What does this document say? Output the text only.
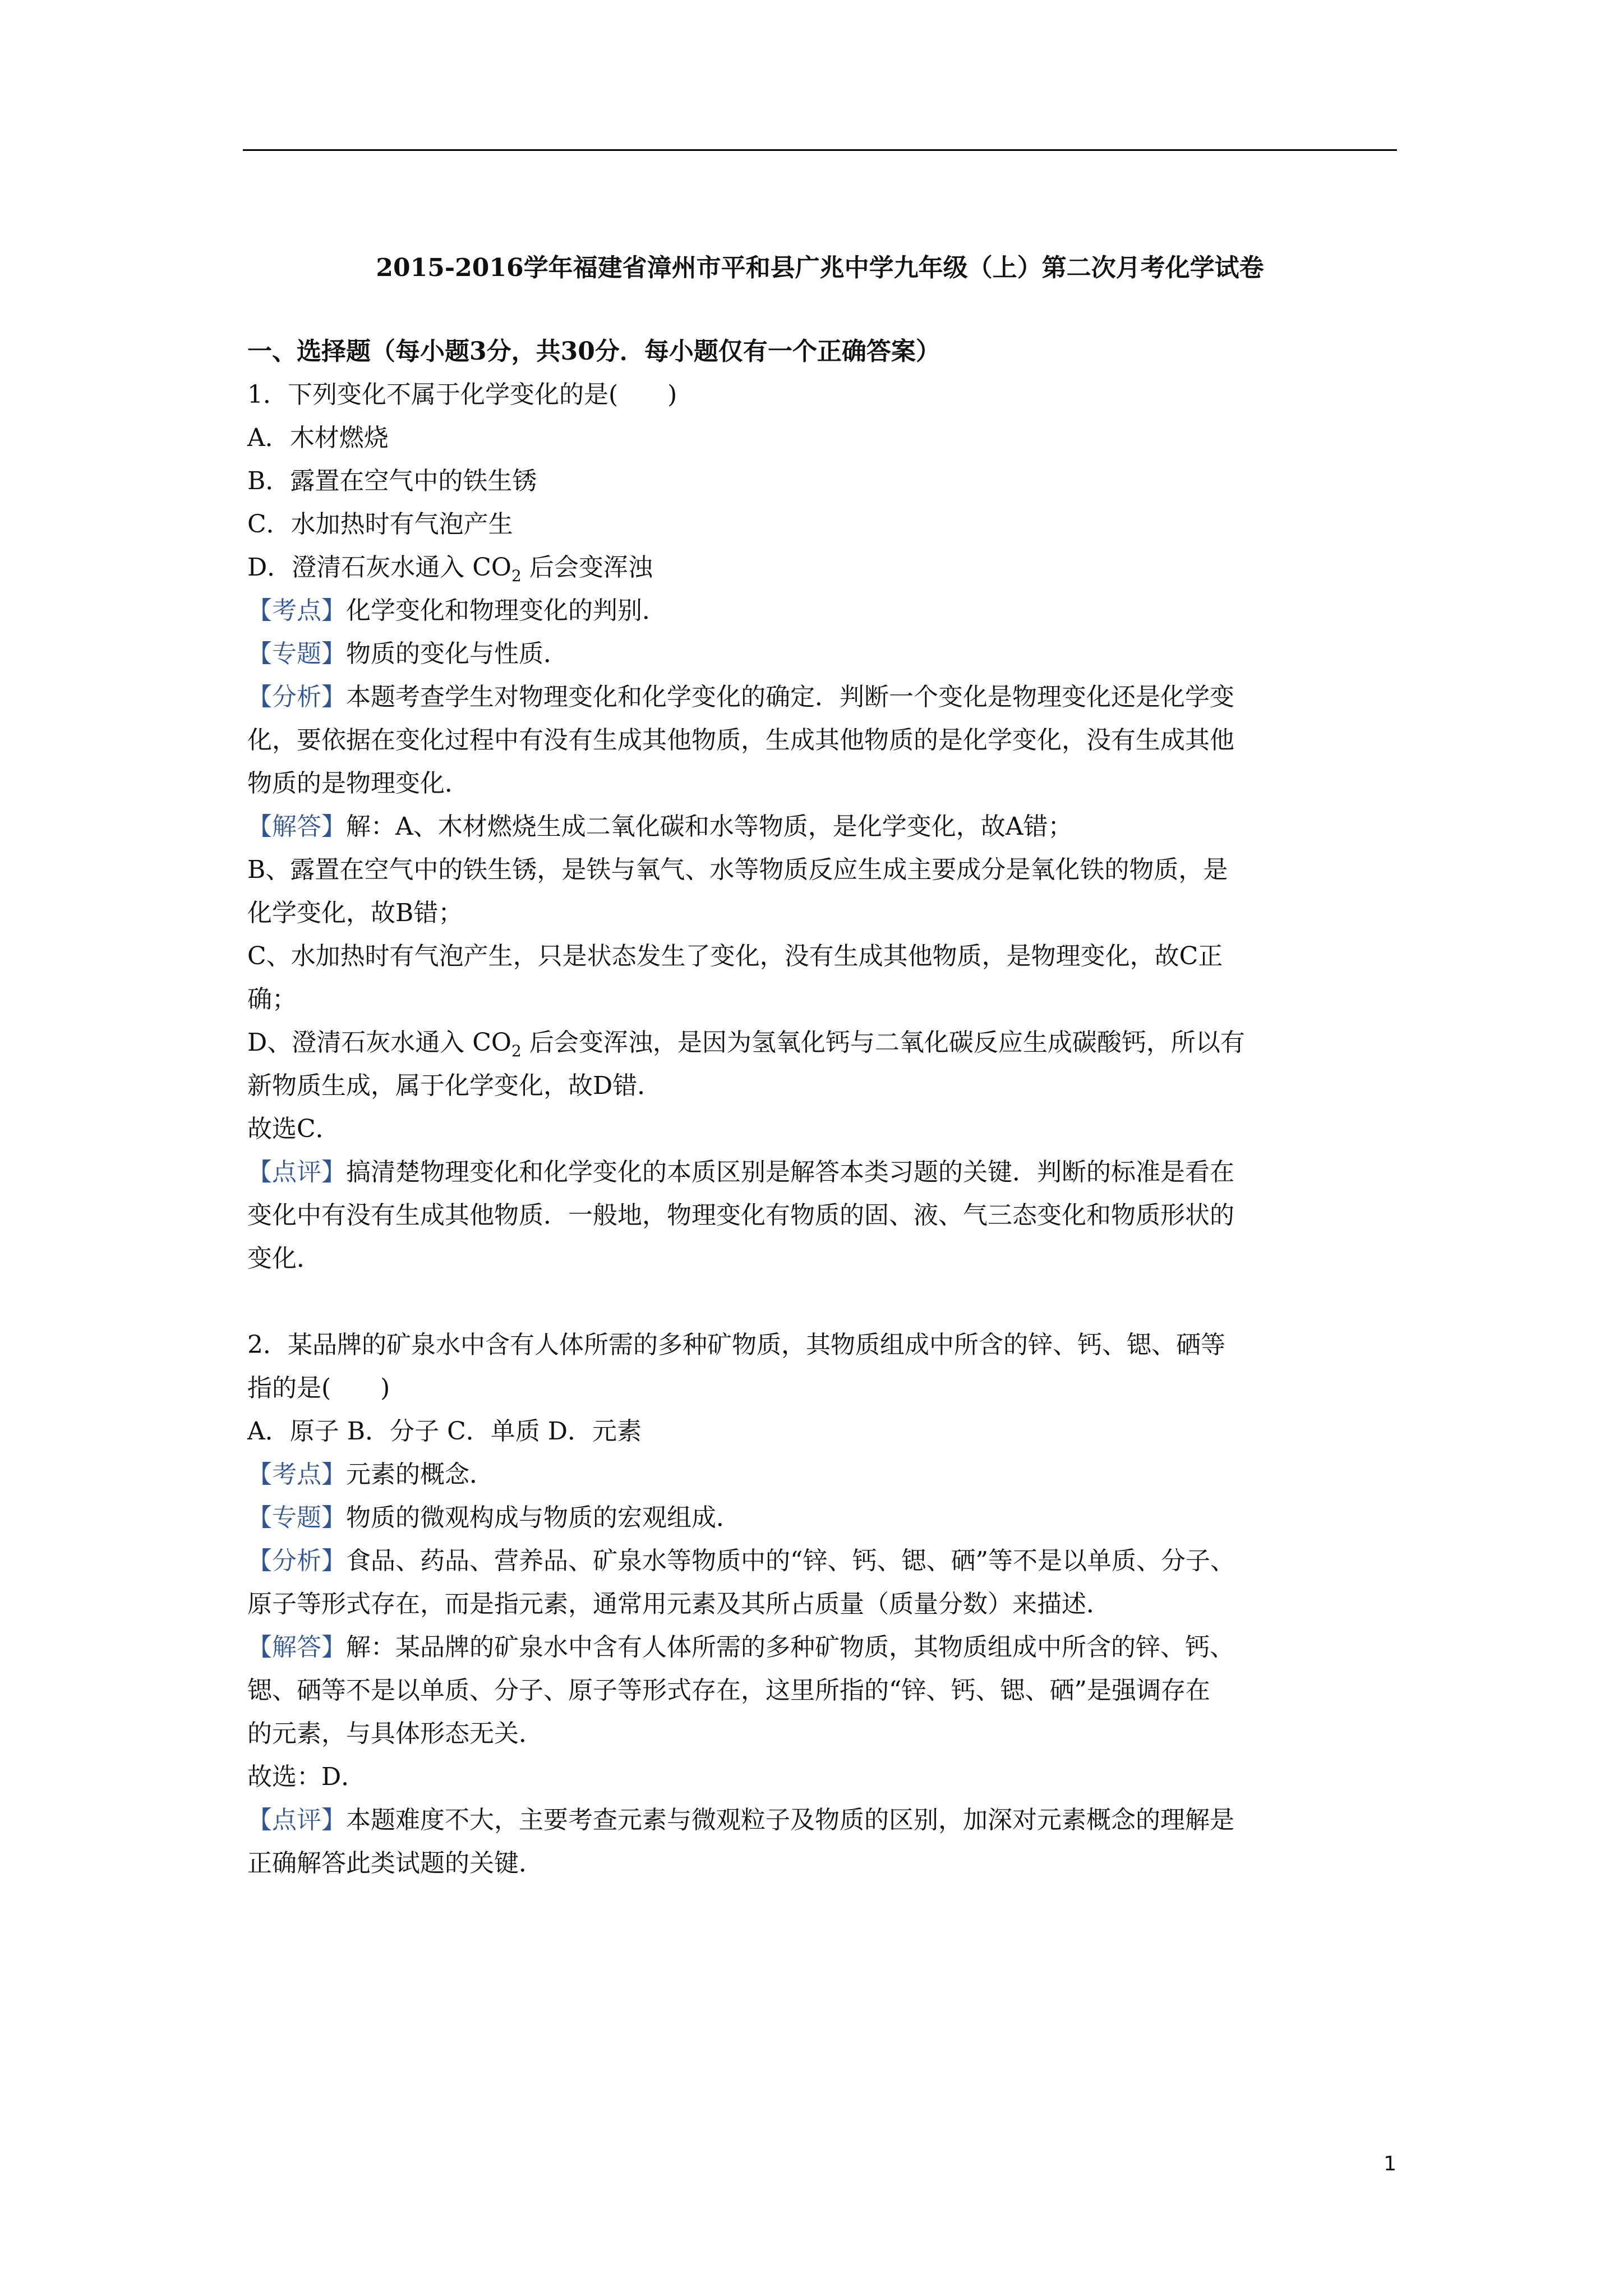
2015-2016学年福建省漳州市平和县广兆中学九年级（上）第二次月考化学试卷
一、选择题（每小题3分，共30分．每小题仅有一个正确答案）
1．下列变化不属于化学变化的是(　　)
A．木材燃烧
B．露置在空气中的铁生锈
C．水加热时有气泡产生
D．澄清石灰水通入 $CO_2$ 后会变浑浊
【考点】化学变化和物理变化的判别．
【专题】物质的变化与性质．
【分析】本题考查学生对物理变化和化学变化的确定．判断一个变化是物理变化还是化学变
化，要依据在变化过程中有没有生成其他物质，生成其他物质的是化学变化，没有生成其他
物质的是物理变化．
【解答】解：A、木材燃烧生成二氧化碳和水等物质，是化学变化，故A错；
B、露置在空气中的铁生锈，是铁与氧气、水等物质反应生成主要成分是氧化铁的物质，是
化学变化，故B错；
C、水加热时有气泡产生，只是状态发生了变化，没有生成其他物质，是物理变化，故C正
确；
D、澄清石灰水通入 $CO_2$ 后会变浑浊，是因为氢氧化钙与二氧化碳反应生成碳酸钙，所以有
新物质生成，属于化学变化，故D错．
故选C．
【点评】搞清楚物理变化和化学变化的本质区别是解答本类习题的关键．判断的标准是看在
变化中有没有生成其他物质．一般地，物理变化有物质的固、液、气三态变化和物质形状的
变化．
2．某品牌的矿泉水中含有人体所需的多种矿物质，其物质组成中所含的锌、钙、锶、硒等
指的是(　　)
A．原子 B．分子 C．单质 D．元素
【考点】元素的概念．
【专题】物质的微观构成与物质的宏观组成．
【分析】食品、药品、营养品、矿泉水等物质中的“锌、钙、锶、硒”等不是以单质、分子、
原子等形式存在，而是指元素，通常用元素及其所占质量（质量分数）来描述．
【解答】解：某品牌的矿泉水中含有人体所需的多种矿物质，其物质组成中所含的锌、钙、
锶、硒等不是以单质、分子、原子等形式存在，这里所指的“锌、钙、锶、硒”是强调存在
的元素，与具体形态无关．
故选：D．
【点评】本题难度不大，主要考查元素与微观粒子及物质的区别，加深对元素概念的理解是
正确解答此类试题的关键．
1
